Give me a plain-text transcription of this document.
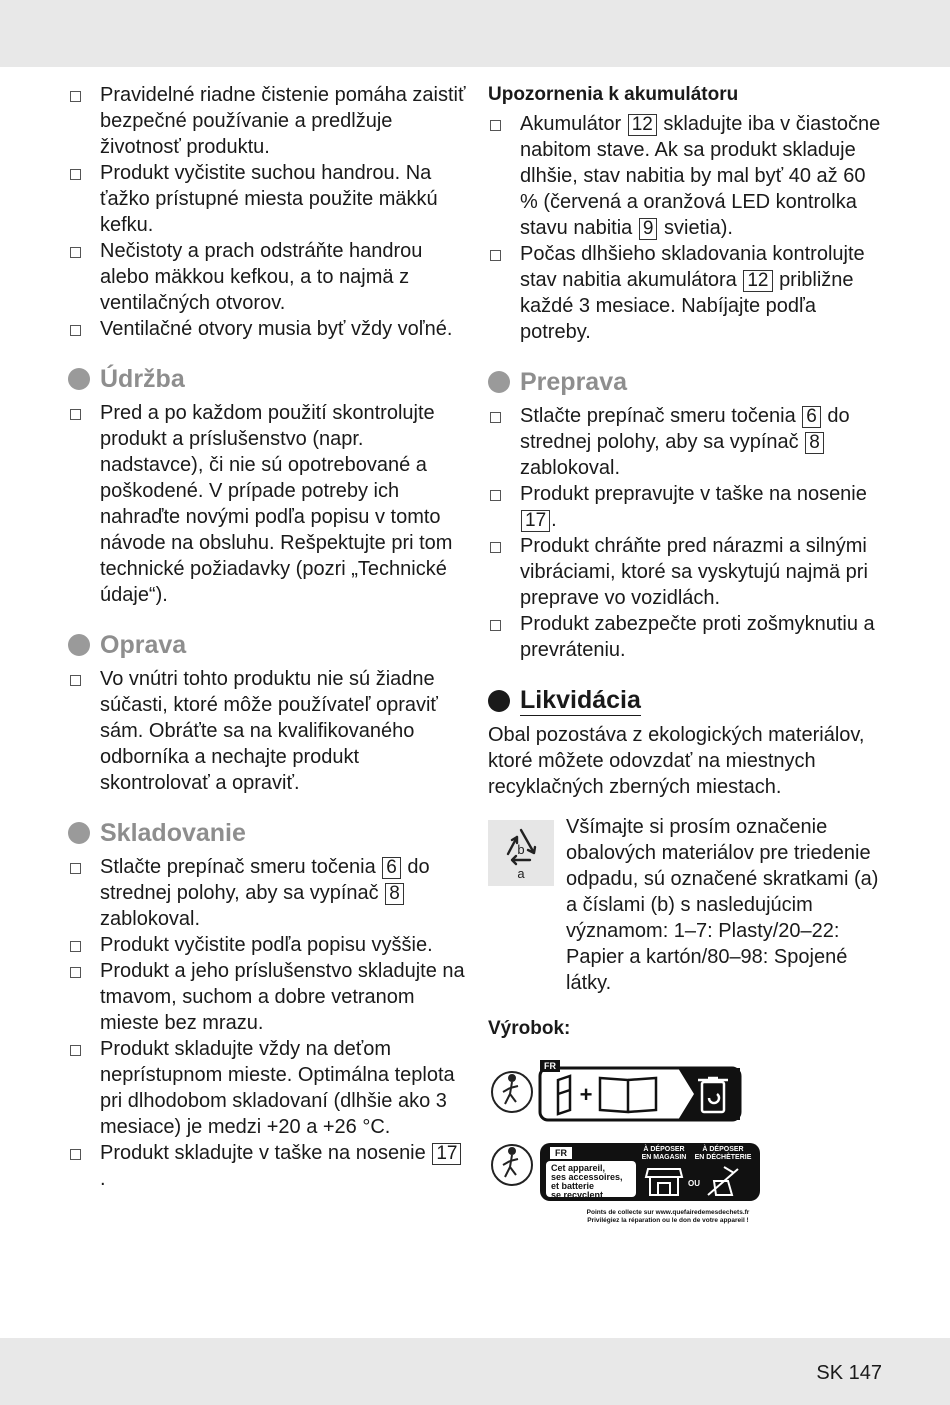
Pravidelné riadne čistenie pomáha zaistiť bezpečné používanie a predlžuje životnosť produktu.
Produkt vyčistite suchou handrou. Na ťažko prístupné miesta použite mäkkú kefku.
Nečistoty a prach odstráňte handrou alebo mäkkou kefkou, a to najmä z ventilačných otvorov.
Ventilačné otvory musia byť vždy voľné.
Údržba
Pred a po každom použití skontrolujte produkt a príslušenstvo (napr. nadstavce), či nie sú opotrebované a poškodené. V prípade potreby ich nahraďte novými podľa popisu v tomto návode na obsluhu. Rešpektujte pri tom technické požiadavky (pozri „Technické údaje“).
Oprava
Vo vnútri tohto produktu nie sú žiadne súčasti, ktoré môže používateľ opraviť sám. Obráťte sa na kvalifikovaného odborníka a nechajte produkt skontrolovať a opraviť.
Skladovanie
Stlačte prepínač smeru točenia 6 do strednej polohy, aby sa vypínač 8 zablokoval.
Produkt vyčistite podľa popisu vyššie.
Produkt a jeho príslušenstvo skladujte na tmavom, suchom a dobre vetranom mieste bez mrazu.
Produkt skladujte vždy na deťom neprístupnom mieste. Optimálna teplota pri dlhodobom skladovaní (dlhšie ako 3 mesiace) je medzi +20 a +26 °C.
Produkt skladujte v taške na nosenie 17.
Upozornenia k akumulátoru
Akumulátor 12 skladujte iba v čiastočne nabitom stave. Ak sa produkt skladuje dlhšie, stav nabitia by mal byť 40 až 60 % (červená a oranžová LED kontrolka stavu nabitia 9 svietia).
Počas dlhšieho skladovania kontrolujte stav nabitia akumulátora 12 približne každé 3 mesiace. Nabíjajte podľa potreby.
Preprava
Stlačte prepínač smeru točenia 6 do strednej polohy, aby sa vypínač 8 zablokoval.
Produkt prepravujte v taške na nosenie 17 .
Produkt chráňte pred nárazmi a silnými vibráciami, ktoré sa vyskytujú najmä pri preprave vo vozidlách.
Produkt zabezpečte proti zošmyknutiu a prevráteniu.
Likvidácia
Obal pozostáva z ekologických materiálov, ktoré môžete odovzdať na miestnych recyklačných zberných miestach.
b
a
Všímajte si prosím označenie obalových materiálov pre triedenie odpadu, sú označené skratkami (a) a číslami (b) s nasledujúcim významom: 1–7: Plasty/20–22: Papier a kartón/80–98: Spojené látky.
Výrobok:
FR
+
FR
Cet appareil,
ses accessoires,
et batterie
se recyclent
À DÉPOSER
EN MAGASIN
À DÉPOSER
EN DÉCHÈTERIE
OU
Points de collecte sur www.quefairedemesdechets.fr
Privilégiez la réparation ou le don de votre appareil !
SK 147
